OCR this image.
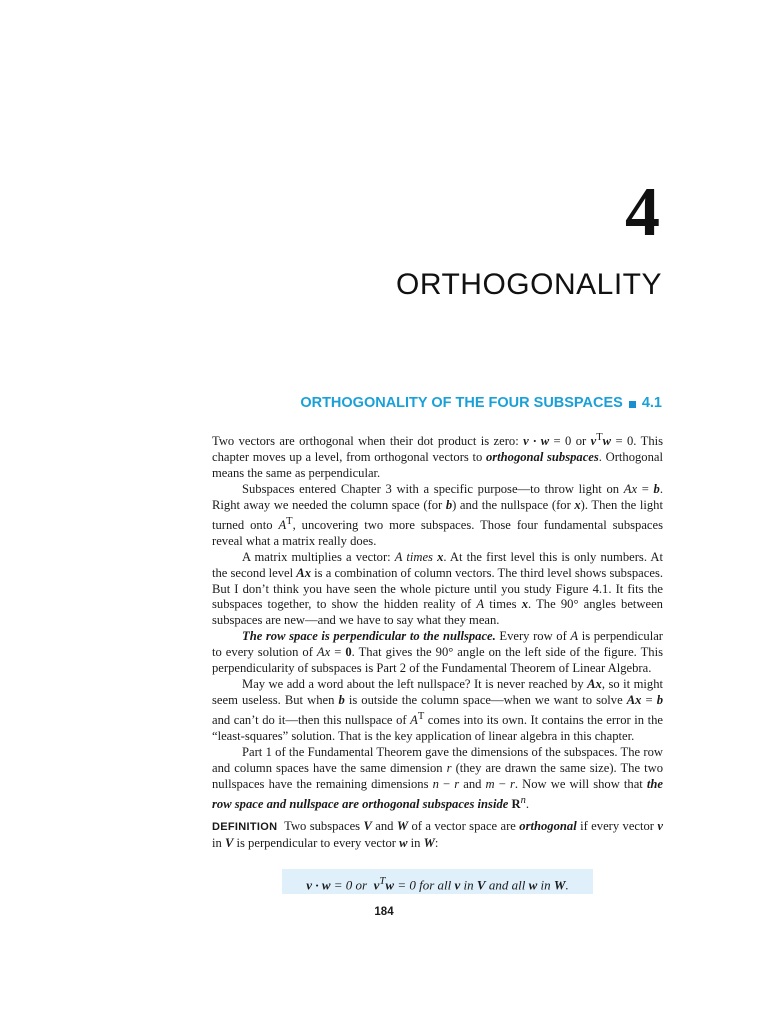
4
ORTHOGONALITY
ORTHOGONALITY OF THE FOUR SUBSPACES 4.1

Two vectors are orthogonal when their dot product is zero: v · w = 0 or $v^Tw = 0$. This chapter moves up a level, from orthogonal vectors to orthogonal subspaces. Orthogonal means the same as perpendicular.

Subspaces entered Chapter 3 with a specific purpose—to throw light on Ax = b. Right away we needed the column space (for b) and the nullspace (for x). Then the light turned onto $A^T$, uncovering two more subspaces. Those four fundamental subspaces reveal what a matrix really does.

A matrix multiplies a vector: A times x. At the first level this is only numbers. At the second level Ax is a combination of column vectors. The third level shows subspaces. But I don’t think you have seen the whole picture until you study Figure 4.1. It fits the subspaces together, to show the hidden reality of A times x. The 90° angles between subspaces are new—and we have to say what they mean.

The row space is perpendicular to the nullspace. Every row of A is perpendicular to every solution of Ax = 0. That gives the 90° angle on the left side of the figure. This perpendicularity of subspaces is Part 2 of the Fundamental Theorem of Linear Algebra.

May we add a word about the left nullspace? It is never reached by Ax, so it might seem useless. But when b is outside the column space—when we want to solve Ax = b and can’t do it—then this nullspace of $A^T$ comes into its own. It contains the error in the “least-squares” solution. That is the key application of linear algebra in this chapter.

Part 1 of the Fundamental Theorem gave the dimensions of the subspaces. The row and column spaces have the same dimension r (they are drawn the same size). The two nullspaces have the remaining dimensions n − r and m − r. Now we will show that the row space and nullspace are orthogonal subspaces inside $R^n$.

DEFINITION Two subspaces V and W of a vector space are orthogonal if every vector v in V is perpendicular to every vector w in W:

v · w = 0 or  $v^Tw = 0$ for all v in V and all w in W.
184
